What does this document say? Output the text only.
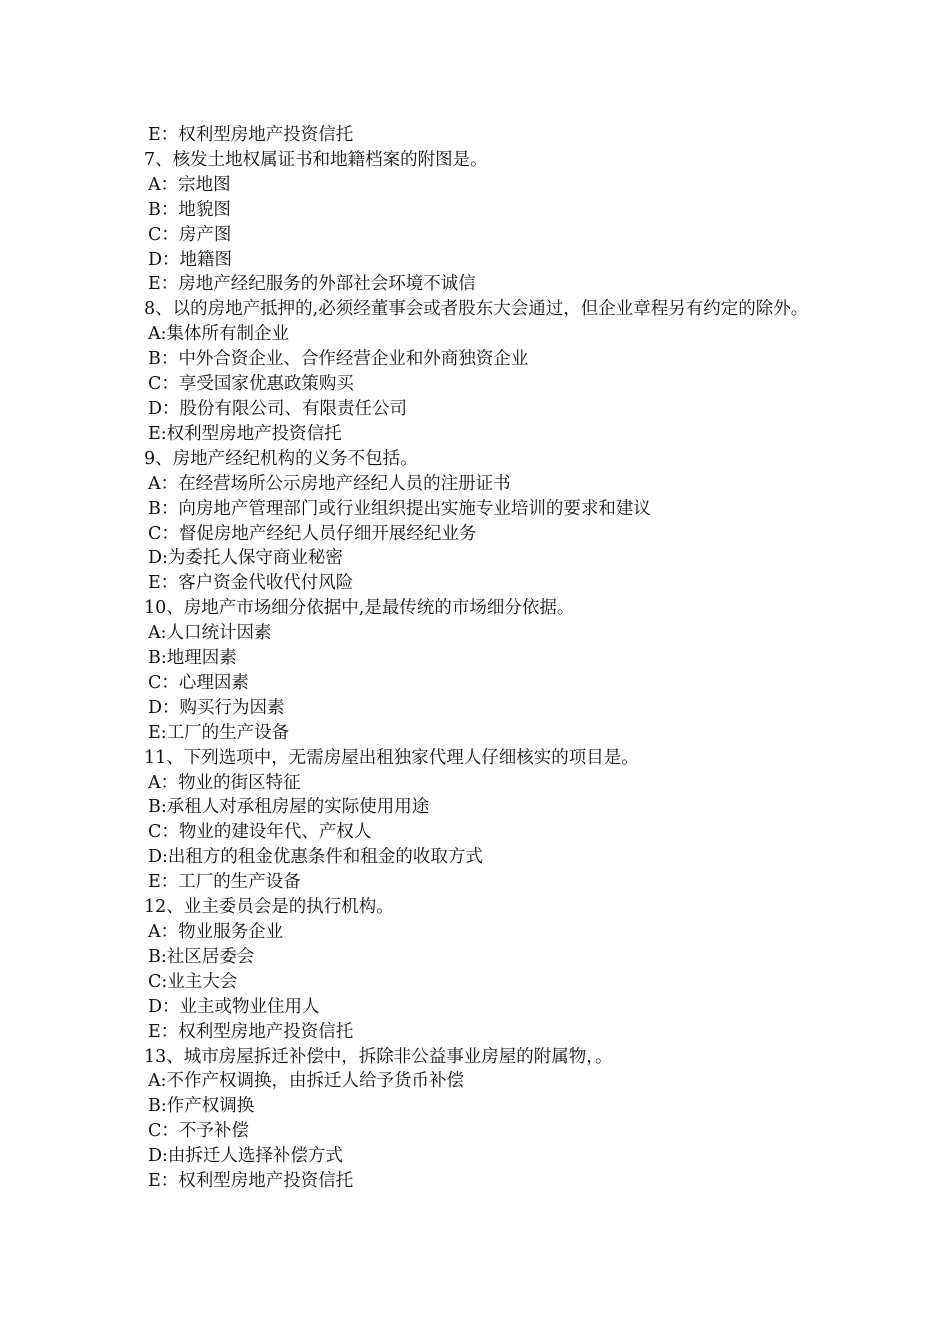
E：权利型房地产投资信托

7、核发土地权属证书和地籍档案的附图是。

A：宗地图

B：地貌图

C：房产图

D：地籍图

E：房地产经纪服务的外部社会环境不诚信

8、以的房地产抵押的,必须经董事会或者股东大会通过，但企业章程另有约定的除外。

A:集体所有制企业

B：中外合资企业、合作经营企业和外商独资企业

C：享受国家优惠政策购买

D：股份有限公司、有限责任公司

E:权利型房地产投资信托

9、房地产经纪机构的义务不包括。

A：在经营场所公示房地产经纪人员的注册证书

B：向房地产管理部门或行业组织提出实施专业培训的要求和建议

C：督促房地产经纪人员仔细开展经纪业务

D:为委托人保守商业秘密

E：客户资金代收代付风险

10、房地产市场细分依据中,是最传统的市场细分依据。

A:人口统计因素

B:地理因素

C：心理因素

D：购买行为因素

E:工厂的生产设备

11、下列选项中，无需房屋出租独家代理人仔细核实的项目是。

A：物业的街区特征

B:承租人对承租房屋的实际使用用途

C：物业的建设年代、产权人

D:出租方的租金优惠条件和租金的收取方式

E：工厂的生产设备

12、业主委员会是的执行机构。

A：物业服务企业

B:社区居委会

C:业主大会

D：业主或物业住用人

E：权利型房地产投资信托

13、城市房屋拆迁补偿中，拆除非公益事业房屋的附属物，。

A:不作产权调换，由拆迁人给予货币补偿

B:作产权调换

C：不予补偿

D:由拆迁人选择补偿方式

E：权利型房地产投资信托
